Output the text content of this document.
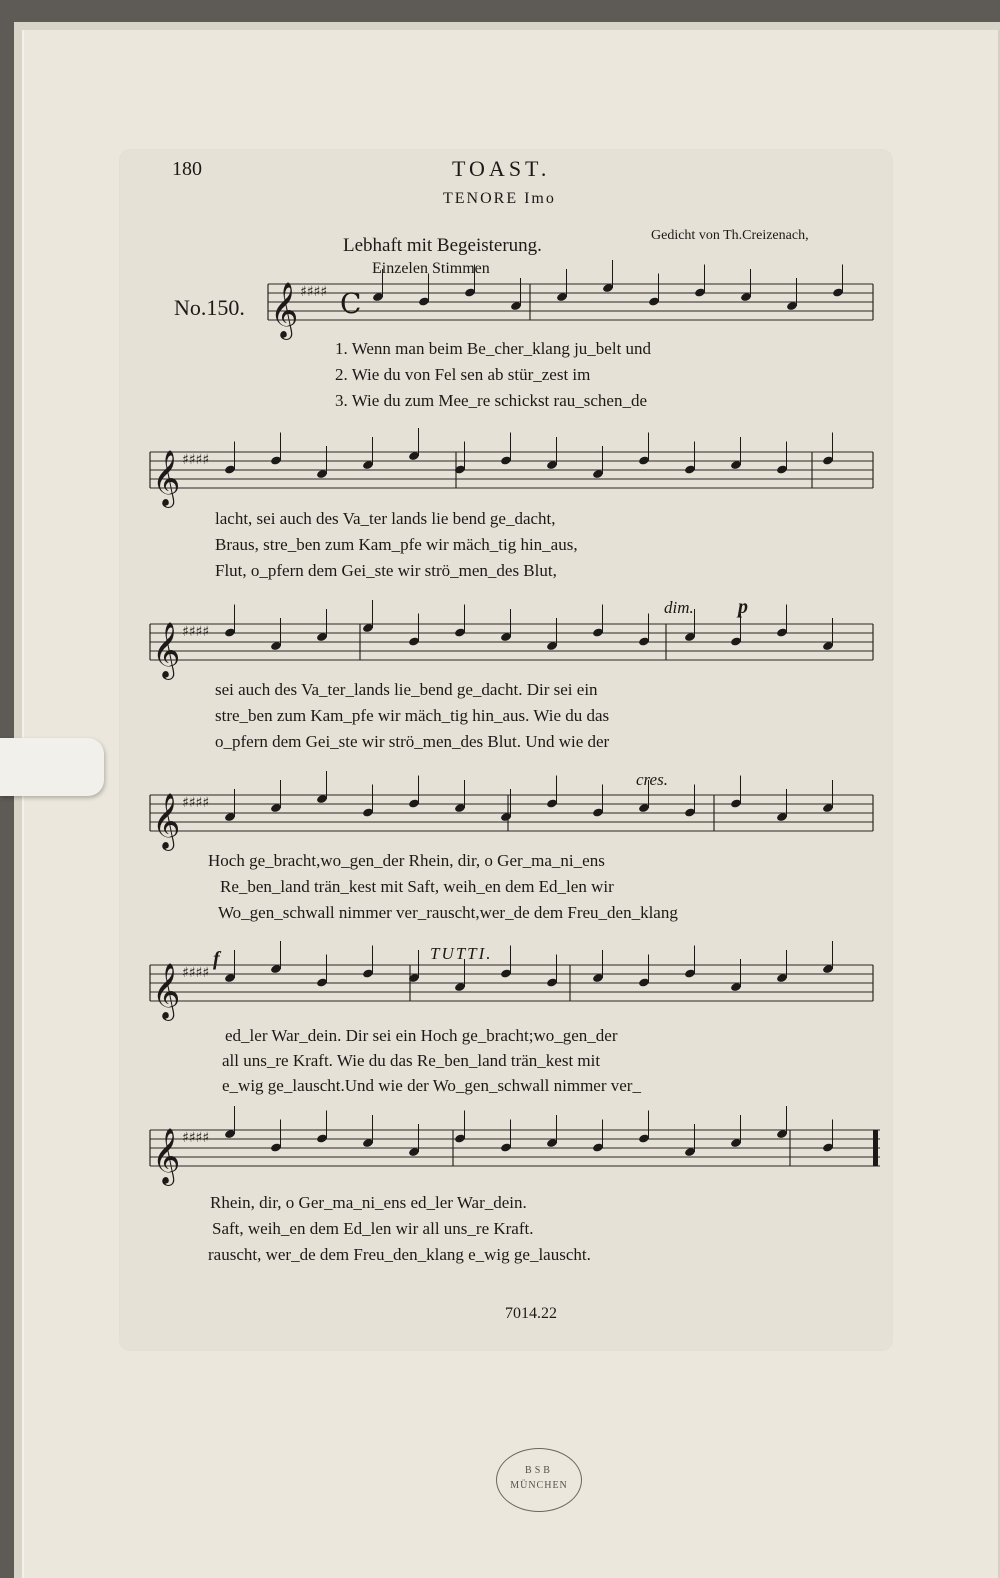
180	TOAST.
TENORE Imo
Lebhaft mit Begeisterung.	Gedicht von Th.Creizenach,
No.150.
Einzelen Stimmen
dim. p
cres.
f	TUTTI.
𝄞 ♯♯♯♯
𝄞 ♯♯♯♯
𝄞 ♯♯♯♯
𝄞 ♯♯♯♯
𝄞 ♯♯♯♯
𝄞 ♯♯♯♯
C
1. Wenn man beim Be_cher_klang ju_belt und
2. Wie du von Fel sen ab stür_zest im
3. Wie du zum Mee_re schickst rau_schen_de
lacht, sei auch des Va_ter lands lie bend ge_dacht,
Braus, stre_ben zum Kam_pfe wir mäch_tig hin_aus,
Flut, o_pfern dem Gei_ste wir strö_men_des Blut,
sei auch des Va_ter_lands lie_bend ge_dacht. Dir sei ein
stre_ben zum Kam_pfe wir mäch_tig hin_aus. Wie du das
o_pfern dem Gei_ste wir strö_men_des Blut. Und wie der
Hoch ge_bracht,wo_gen_der Rhein, dir, o Ger_ma_ni_ens
Re_ben_land trän_kest mit Saft, weih_en dem Ed_len wir
Wo_gen_schwall nimmer ver_rauscht,wer_de dem Freu_den_klang
ed_ler War_dein. Dir sei ein Hoch ge_bracht;wo_gen_der
all uns_re Kraft. Wie du das Re_ben_land trän_kest mit
e_wig ge_lauscht.Und wie der Wo_gen_schwall nimmer ver_
Rhein, dir, o Ger_ma_ni_ens ed_ler War_dein.
Saft, weih_en dem Ed_len wir all uns_re Kraft.
rauscht, wer_de dem Freu_den_klang e_wig ge_lauscht.
7014.22
BSB
MÜNCHEN
